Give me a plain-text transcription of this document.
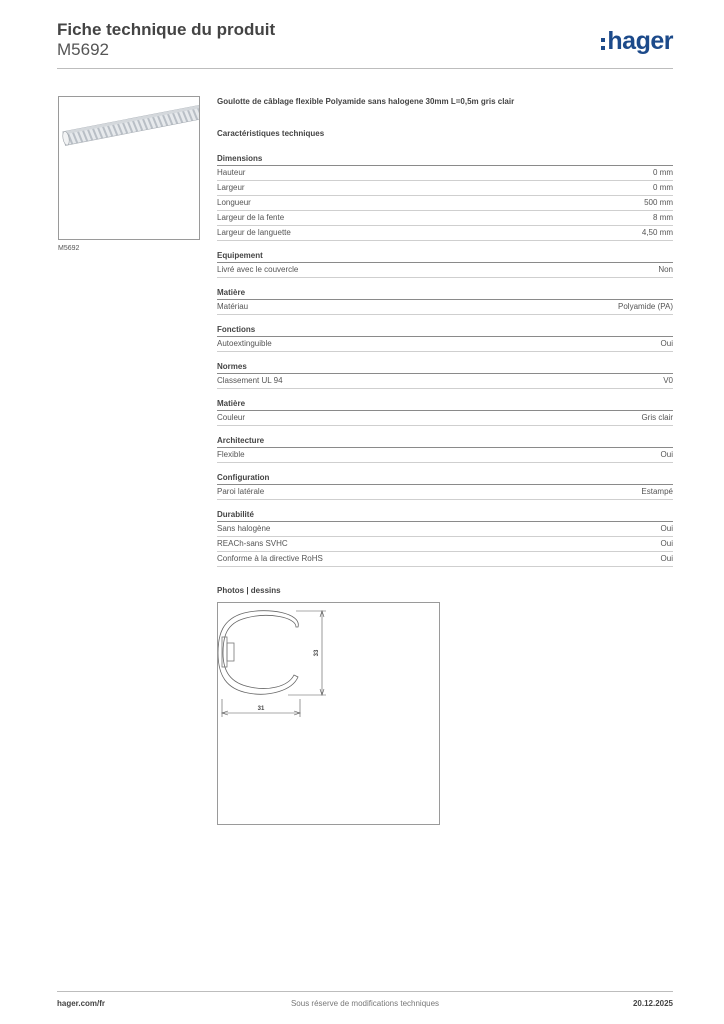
Fiche technique du produit
M5692	hager
M5692
Goulotte de câblage flexible Polyamide sans halogene 30mm L=0,5m gris clair
Caractéristiques techniques
Dimensions
Hauteur	0 mm
Largeur	0 mm
Longueur	500 mm
Largeur de la fente	8 mm
Largeur de languette	4,50 mm
Equipement
Livré avec le couvercle	Non
Matière
Matériau	Polyamide (PA)
Fonctions
Autoextinguible	Oui
Normes
Classement UL 94	V0
Matière
Couleur	Gris clair
Architecture
Flexible	Oui
Configuration
Paroi latérale	Estampé
Durabilité
Sans halogène	Oui
REACh-sans SVHC	Oui
Conforme à la directive RoHS	Oui
Photos | dessins
33
31
hager.com/fr	Sous réserve de modifications techniques	20.12.2025
